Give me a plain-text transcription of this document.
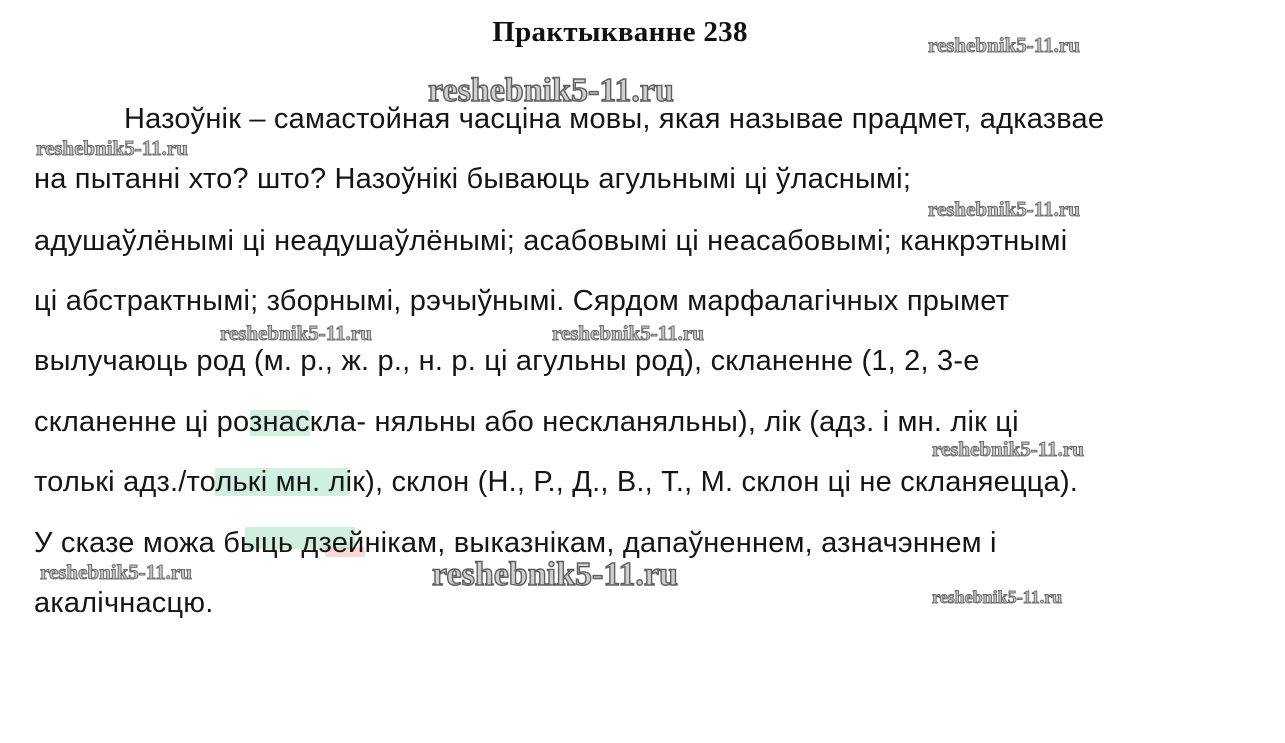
Практыкванне 238
Назоўнік – самастойная часціна мовы, якая называе прадмет, адказвае
на пытанні хто? што? Назоўнікі бываюць агульнымі ці ўласнымі;
адушаўлёнымі ці неадушаўлёнымі; асабовымі ці неасабовымі; канкрэтнымі
ці абстрактнымі; зборнымі, рэчыўнымі. Сярдом марфалагічных прымет
вылучаюць род (м. р., ж. р., н. р. ці агульны род), скланенне (1, 2, 3-е
скланенне ці рознаскла- няльны або нескланяльны), лік (адз. і мн. лік ці
толькі адз./толькі мн. лік), склон (Н., Р., Д., В., Т., М. склон ці не скланяецца).
У сказе можа быць дзейнікам, выказнікам, дапаўненнем, азначэннем і
акалічнасцю.
reshebnik5-11.ru
reshebnik5-11.ru
reshebnik5-11.ru
reshebnik5-11.ru
reshebnik5-11.ru	reshebnik5-11.ru
reshebnik5-11.ru
reshebnik5-11.ru	reshebnik5-11.ru
reshebnik5-11.ru
